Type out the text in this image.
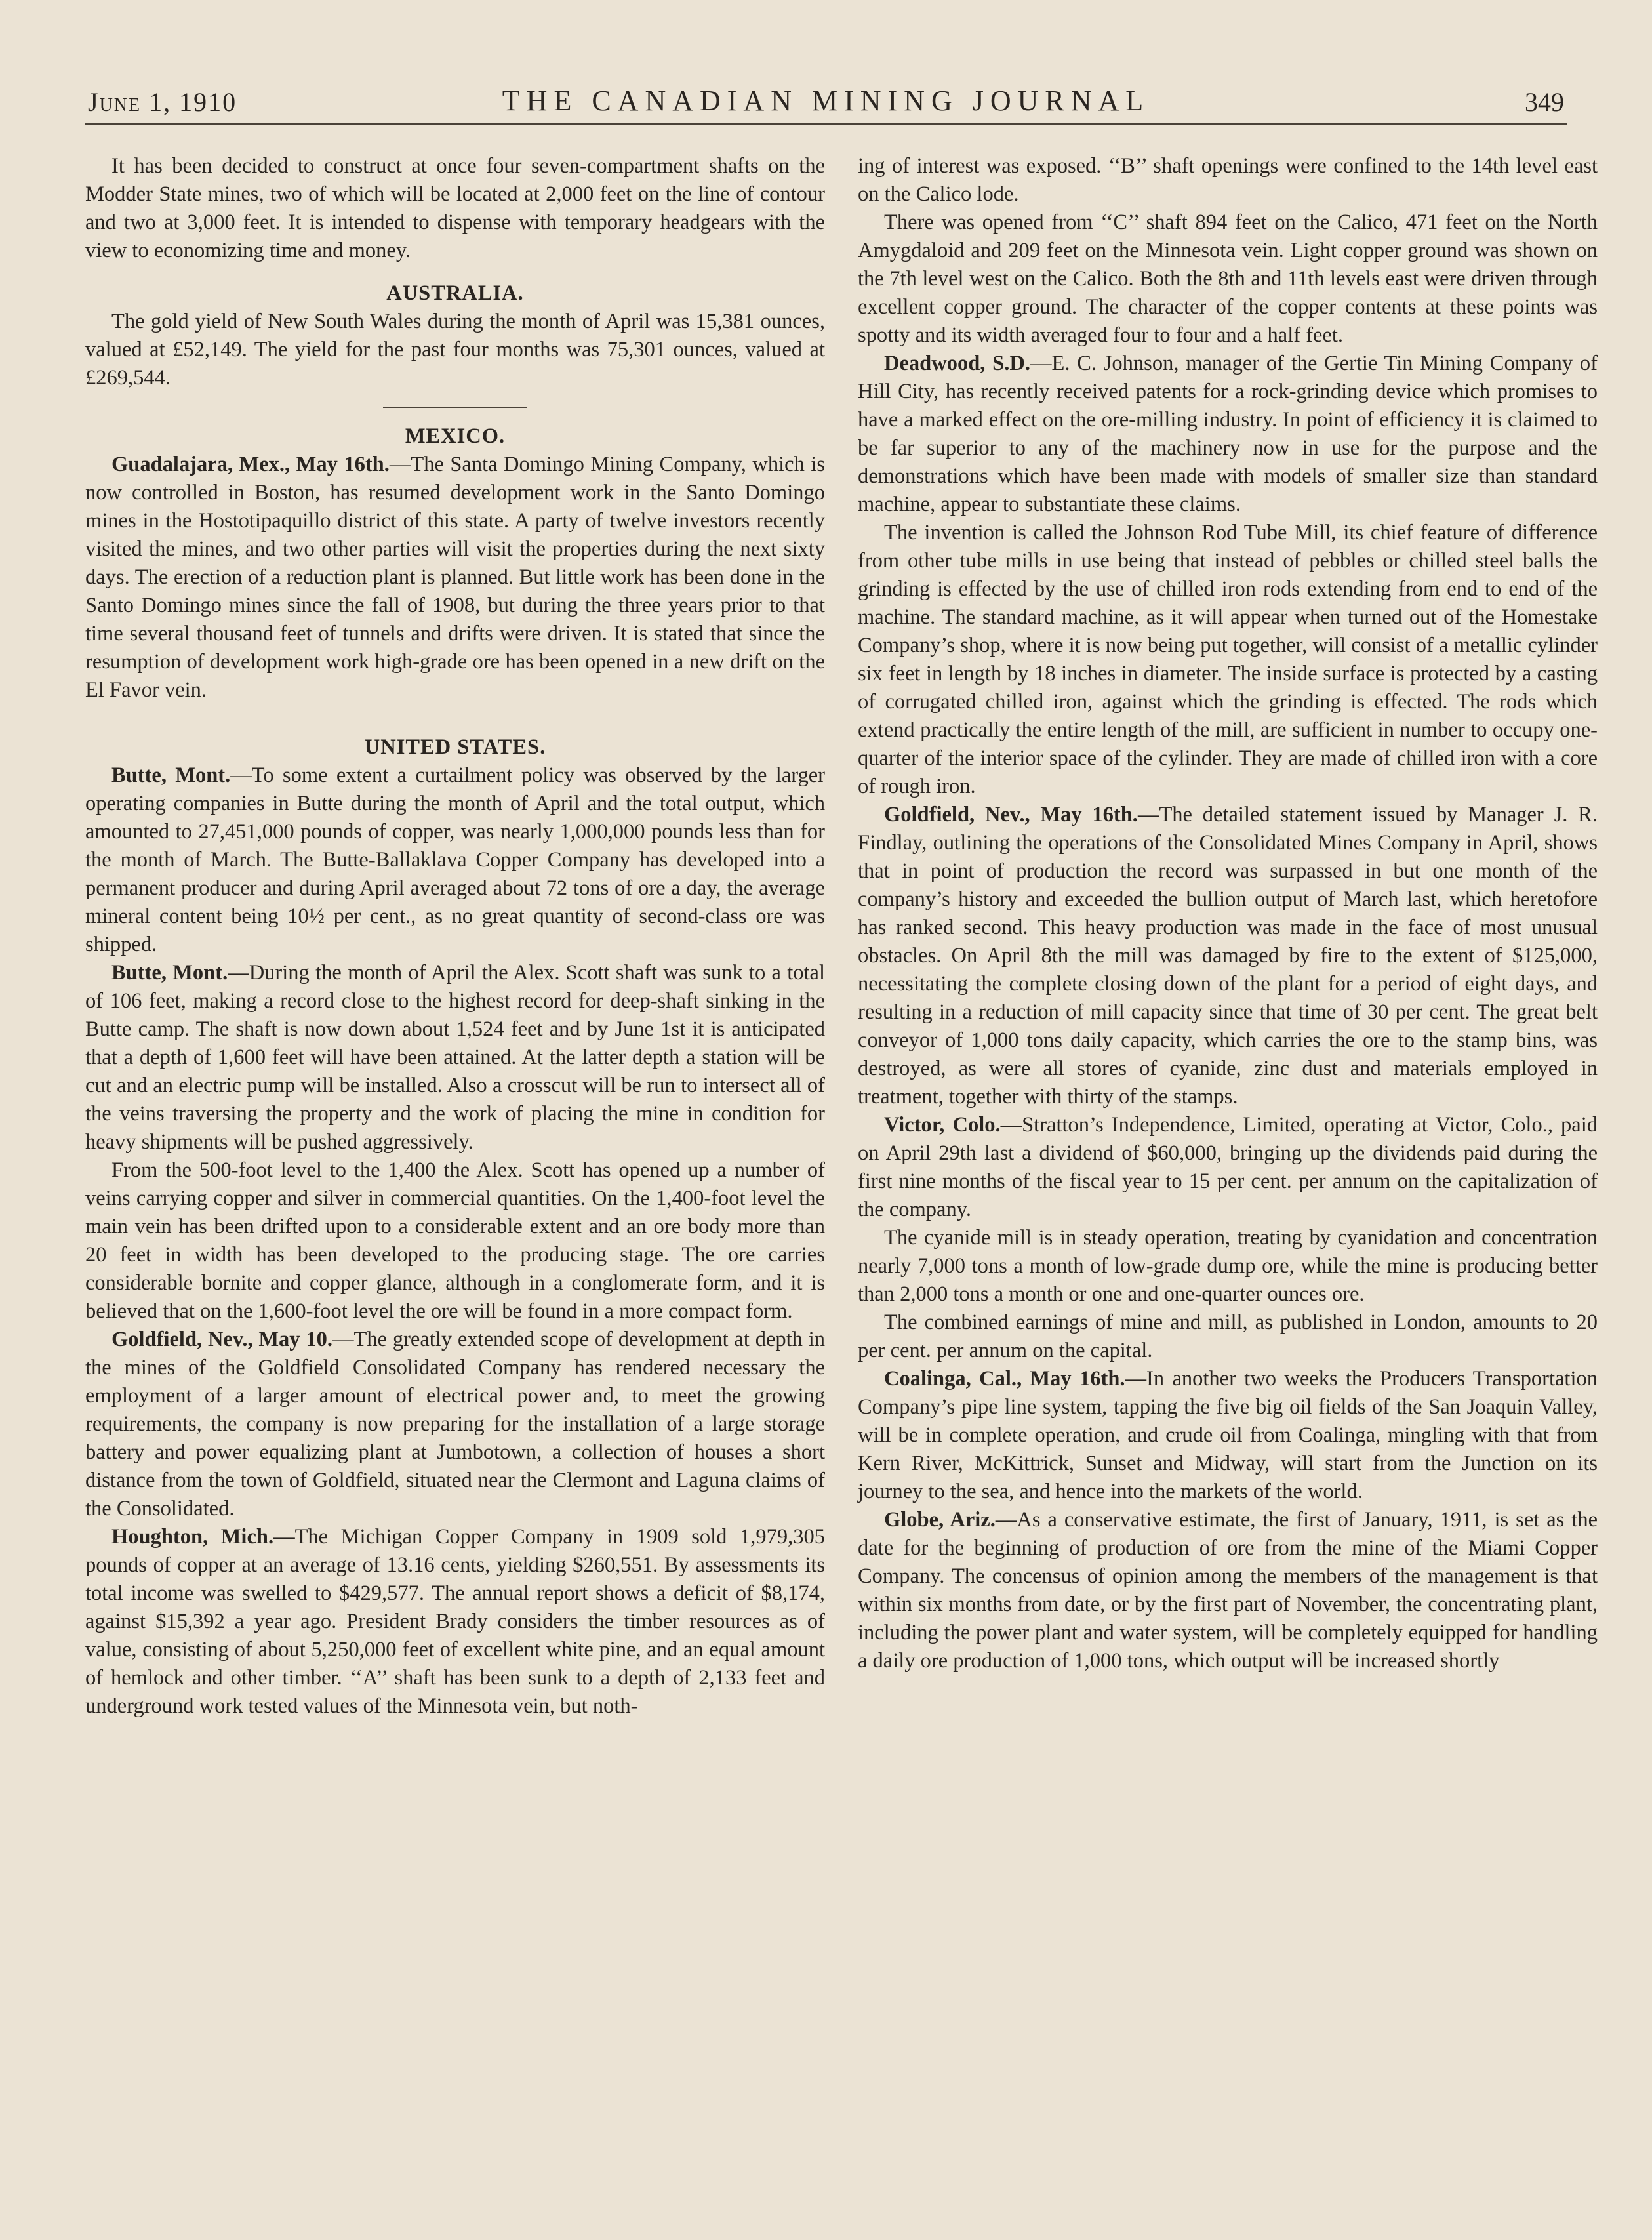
June 1, 1910	THE CANADIAN MINING JOURNAL	349

It has been decided to construct at once four seven-compartment shafts on the Modder State mines, two of which will be located at 2,000 feet on the line of contour and two at 3,000 feet. It is intended to dispense with temporary headgears with the view to economizing time and money.

AUSTRALIA.

The gold yield of New South Wales during the month of April was 15,381 ounces, valued at £52,149. The yield for the past four months was 75,301 ounces, valued at £269,544.

MEXICO.

Guadalajara, Mex., May 16th.—The Santa Domingo Mining Company, which is now controlled in Boston, has resumed development work in the Santo Domingo mines in the Hostotipaquillo district of this state. A party of twelve investors recently visited the mines, and two other parties will visit the properties during the next sixty days. The erection of a reduction plant is planned. But little work has been done in the Santo Domingo mines since the fall of 1908, but during the three years prior to that time several thousand feet of tunnels and drifts were driven. It is stated that since the resumption of development work high-grade ore has been opened in a new drift on the El Favor vein.

UNITED STATES.

Butte, Mont.—To some extent a curtailment policy was observed by the larger operating companies in Butte during the month of April and the total output, which amounted to 27,451,000 pounds of copper, was nearly 1,000,000 pounds less than for the month of March. The Butte-Ballaklava Copper Company has developed into a permanent producer and during April averaged about 72 tons of ore a day, the average mineral content being 10½ per cent., as no great quantity of second-class ore was shipped.

Butte, Mont.—During the month of April the Alex. Scott shaft was sunk to a total of 106 feet, making a record close to the highest record for deep-shaft sinking in the Butte camp. The shaft is now down about 1,524 feet and by June 1st it is anticipated that a depth of 1,600 feet will have been attained. At the latter depth a station will be cut and an electric pump will be installed. Also a crosscut will be run to intersect all of the veins traversing the property and the work of placing the mine in condition for heavy shipments will be pushed aggressively.

From the 500-foot level to the 1,400 the Alex. Scott has opened up a number of veins carrying copper and silver in commercial quantities. On the 1,400-foot level the main vein has been drifted upon to a considerable extent and an ore body more than 20 feet in width has been developed to the producing stage. The ore carries considerable bornite and copper glance, although in a conglomerate form, and it is believed that on the 1,600-foot level the ore will be found in a more compact form.

Goldfield, Nev., May 10.—The greatly extended scope of development at depth in the mines of the Goldfield Consolidated Company has rendered necessary the employment of a larger amount of electrical power and, to meet the growing requirements, the company is now preparing for the installation of a large storage battery and power equalizing plant at Jumbotown, a collection of houses a short distance from the town of Goldfield, situated near the Clermont and Laguna claims of the Consolidated.

Houghton, Mich.—The Michigan Copper Company in 1909 sold 1,979,305 pounds of copper at an average of 13.16 cents, yielding $260,551. By assessments its total income was swelled to $429,577. The annual report shows a deficit of $8,174, against $15,392 a year ago. President Brady considers the timber resources as of value, consisting of about 5,250,000 feet of excellent white pine, and an equal amount of hemlock and other timber. ‘‘A’’ shaft has been sunk to a depth of 2,133 feet and underground work tested values of the Minnesota vein, but noth-

ing of interest was exposed. ‘‘B’’ shaft openings were confined to the 14th level east on the Calico lode.

There was opened from ‘‘C’’ shaft 894 feet on the Calico, 471 feet on the North Amygdaloid and 209 feet on the Minnesota vein. Light copper ground was shown on the 7th level west on the Calico. Both the 8th and 11th levels east were driven through excellent copper ground. The character of the copper contents at these points was spotty and its width averaged four to four and a half feet.

Deadwood, S.D.—E. C. Johnson, manager of the Gertie Tin Mining Company of Hill City, has recently received patents for a rock-grinding device which promises to have a marked effect on the ore-milling industry. In point of efficiency it is claimed to be far superior to any of the machinery now in use for the purpose and the demonstrations which have been made with models of smaller size than standard machine, appear to substantiate these claims.

The invention is called the Johnson Rod Tube Mill, its chief feature of difference from other tube mills in use being that instead of pebbles or chilled steel balls the grinding is effected by the use of chilled iron rods extending from end to end of the machine. The standard machine, as it will appear when turned out of the Homestake Company’s shop, where it is now being put together, will consist of a metallic cylinder six feet in length by 18 inches in diameter. The inside surface is protected by a casting of corrugated chilled iron, against which the grinding is effected. The rods which extend practically the entire length of the mill, are sufficient in number to occupy one-quarter of the interior space of the cylinder. They are made of chilled iron with a core of rough iron.

Goldfield, Nev., May 16th.—The detailed statement issued by Manager J. R. Findlay, outlining the operations of the Consolidated Mines Company in April, shows that in point of production the record was surpassed in but one month of the company’s history and exceeded the bullion output of March last, which heretofore has ranked second. This heavy production was made in the face of most unusual obstacles. On April 8th the mill was damaged by fire to the extent of $125,000, necessitating the complete closing down of the plant for a period of eight days, and resulting in a reduction of mill capacity since that time of 30 per cent. The great belt conveyor of 1,000 tons daily capacity, which carries the ore to the stamp bins, was destroyed, as were all stores of cyanide, zinc dust and materials employed in treatment, together with thirty of the stamps.

Victor, Colo.—Stratton’s Independence, Limited, operating at Victor, Colo., paid on April 29th last a dividend of $60,000, bringing up the dividends paid during the first nine months of the fiscal year to 15 per cent. per annum on the capitalization of the company.

The cyanide mill is in steady operation, treating by cyanidation and concentration nearly 7,000 tons a month of low-grade dump ore, while the mine is producing better than 2,000 tons a month or one and one-quarter ounces ore.

The combined earnings of mine and mill, as published in London, amounts to 20 per cent. per annum on the capital.

Coalinga, Cal., May 16th.—In another two weeks the Producers Transportation Company’s pipe line system, tapping the five big oil fields of the San Joaquin Valley, will be in complete operation, and crude oil from Coalinga, mingling with that from Kern River, McKittrick, Sunset and Midway, will start from the Junction on its journey to the sea, and hence into the markets of the world.

Globe, Ariz.—As a conservative estimate, the first of January, 1911, is set as the date for the beginning of production of ore from the mine of the Miami Copper Company. The concensus of opinion among the members of the management is that within six months from date, or by the first part of November, the concentrating plant, including the power plant and water system, will be completely equipped for handling a daily ore production of 1,000 tons, which output will be increased shortly
